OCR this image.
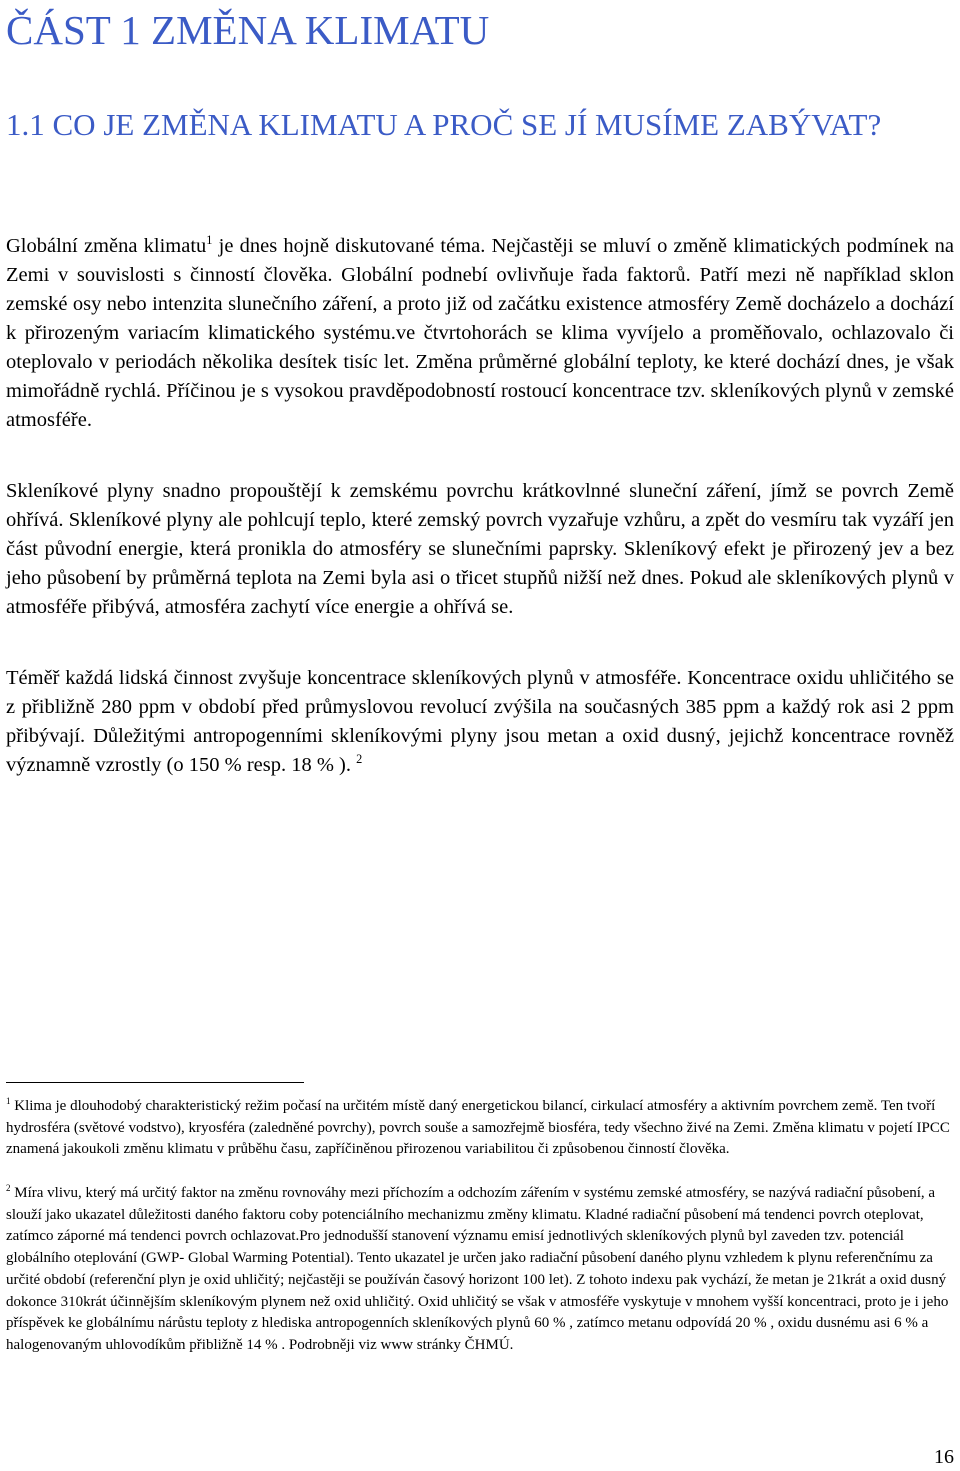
ČÁST 1 ZMĚNA KLIMATU
1.1 CO JE ZMĚNA KLIMATU A PROČ SE JÍ MUSÍME ZABÝVAT?

Globální změna klimatu$^1$ je dnes hojně diskutované téma. Nejčastěji se mluví o změně klimatických podmínek na Zemi v souvislosti s činností člověka. Globální podnebí ovlivňuje řada faktorů. Patří mezi ně například sklon zemské osy nebo intenzita slunečního záření, a proto již od začátku existence atmosféry Země docházelo a dochází k přirozeným variacím klimatického systému.ve čtvrtohorách se klima vyvíjelo a proměňovalo, ochlazovalo či oteplovalo v periodách několika desítek tisíc let. Změna průměrné globální teploty, ke které dochází dnes, je však mimořádně rychlá. Příčinou je s vysokou pravděpodobností rostoucí koncentrace tzv. skleníkových plynů v zemské atmosféře.

Skleníkové plyny snadno propouštějí k zemskému povrchu krátkovlnné sluneční záření, jímž se povrch Země ohřívá. Skleníkové plyny ale pohlcují teplo, které zemský povrch vyzařuje vzhůru, a zpět do vesmíru tak vyzáří jen část původní energie, která pronikla do atmosféry se slunečními paprsky. Skleníkový efekt je přirozený jev a bez jeho působení by průměrná teplota na Zemi byla asi o třicet stupňů nižší než dnes. Pokud ale skleníkových plynů v atmosféře přibývá, atmosféra zachytí více energie a ohřívá se.

Téměř každá lidská činnost zvyšuje koncentrace skleníkových plynů v atmosféře. Koncentrace oxidu uhličitého se z přibližně 280 ppm v období před průmyslovou revolucí zvýšila na současných 385 ppm a každý rok asi 2 ppm přibývají. Důležitými antropogenními skleníkovými plyny jsou metan a oxid dusný, jejichž koncentrace rovněž významně vzrostly (o 150 % resp. 18 % ). $^2$

$^1$ Klima je dlouhodobý charakteristický režim počasí na určitém místě daný energetickou bilancí, cirkulací atmosféry a aktivním povrchem země. Ten tvoří hydrosféra (světové vodstvo), kryosféra (zaledněné povrchy), povrch souše a samozřejmě biosféra, tedy všechno živé na Zemi. Změna klimatu v pojetí IPCC znamená jakoukoli změnu klimatu v průběhu času, zapříčiněnou přirozenou variabilitou či způsobenou činností člověka.

$^2$ Míra vlivu, který má určitý faktor na změnu rovnováhy mezi příchozím a odchozím zářením v systému zemské atmosféry, se nazývá radiační působení, a slouží jako ukazatel důležitosti daného faktoru coby potenciálního mechanizmu změny klimatu. Kladné radiační působení má tendenci povrch oteplovat, zatímco záporné má tendenci povrch ochlazovat.Pro jednodušší stanovení významu emisí jednotlivých skleníkových plynů byl zaveden tzv. potenciál globálního oteplování (GWP- Global Warming Potential). Tento ukazatel je určen jako radiační působení daného plynu vzhledem k plynu referenčnímu za určité období (referenční plyn je oxid uhličitý; nejčastěji se používán časový horizont 100 let). Z tohoto indexu pak vychází, že metan je 21krát a oxid dusný dokonce 310krát účinnějším skleníkovým plynem než oxid uhličitý. Oxid uhličitý se však v atmosféře vyskytuje v mnohem vyšší koncentraci, proto je i jeho příspěvek ke globálnímu nárůstu teploty z hlediska antropogenních skleníkových plynů 60 % , zatímco metanu odpovídá 20 % , oxidu dusnému asi 6 % a halogenovaným uhlovodíkům přibližně 14 % . Podrobněji viz www stránky ČHMÚ.

16
